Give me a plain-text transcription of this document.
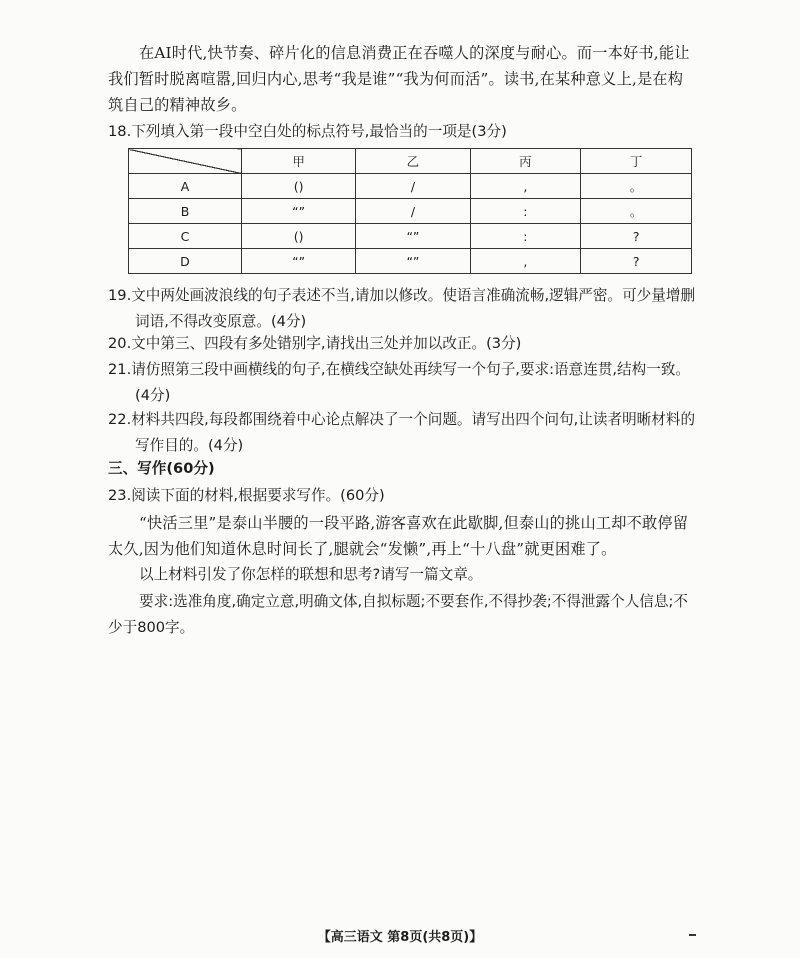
在AI时代,快节奏、碎片化的信息消费正在吞噬人的深度与耐心。而一本好书,能让我们暂时脱离喧嚣,回归内心,思考“我是谁”“我为何而活”。读书,在某种意义上,是在构筑自己的精神故乡。

18.下列填入第一段中空白处的标点符号,最恰当的一项是(3分)

	甲	乙	丙	丁
A	()	/	,	。
B	“”	/	:	。
C	()	“”	:	?
D	“”	“”	,	?

19.文中两处画波浪线的句子表述不当,请加以修改。使语言准确流畅,逻辑严密。可少量增删
词语,不得改变原意。(4分)

20.文中第三、四段有多处错别字,请找出三处并加以改正。(3分)

21.请仿照第三段中画横线的句子,在横线空缺处再续写一个句子,要求:语意连贯,结构一致。
(4分)

22.材料共四段,每段都围绕着中心论点解决了一个问题。请写出四个问句,让读者明晰材料的
写作目的。(4分)

三、写作(60分)

23.阅读下面的材料,根据要求写作。(60分)

“快活三里”是泰山半腰的一段平路,游客喜欢在此歇脚,但泰山的挑山工却不敢停留太久,因为他们知道休息时间长了,腿就会“发懒”,再上“十八盘”就更困难了。

以上材料引发了你怎样的联想和思考?请写一篇文章。

要求:选准角度,确定立意,明确文体,自拟标题;不要套作,不得抄袭;不得泄露个人信息;不少于800字。

【高三语文 第8页(共8页)】
